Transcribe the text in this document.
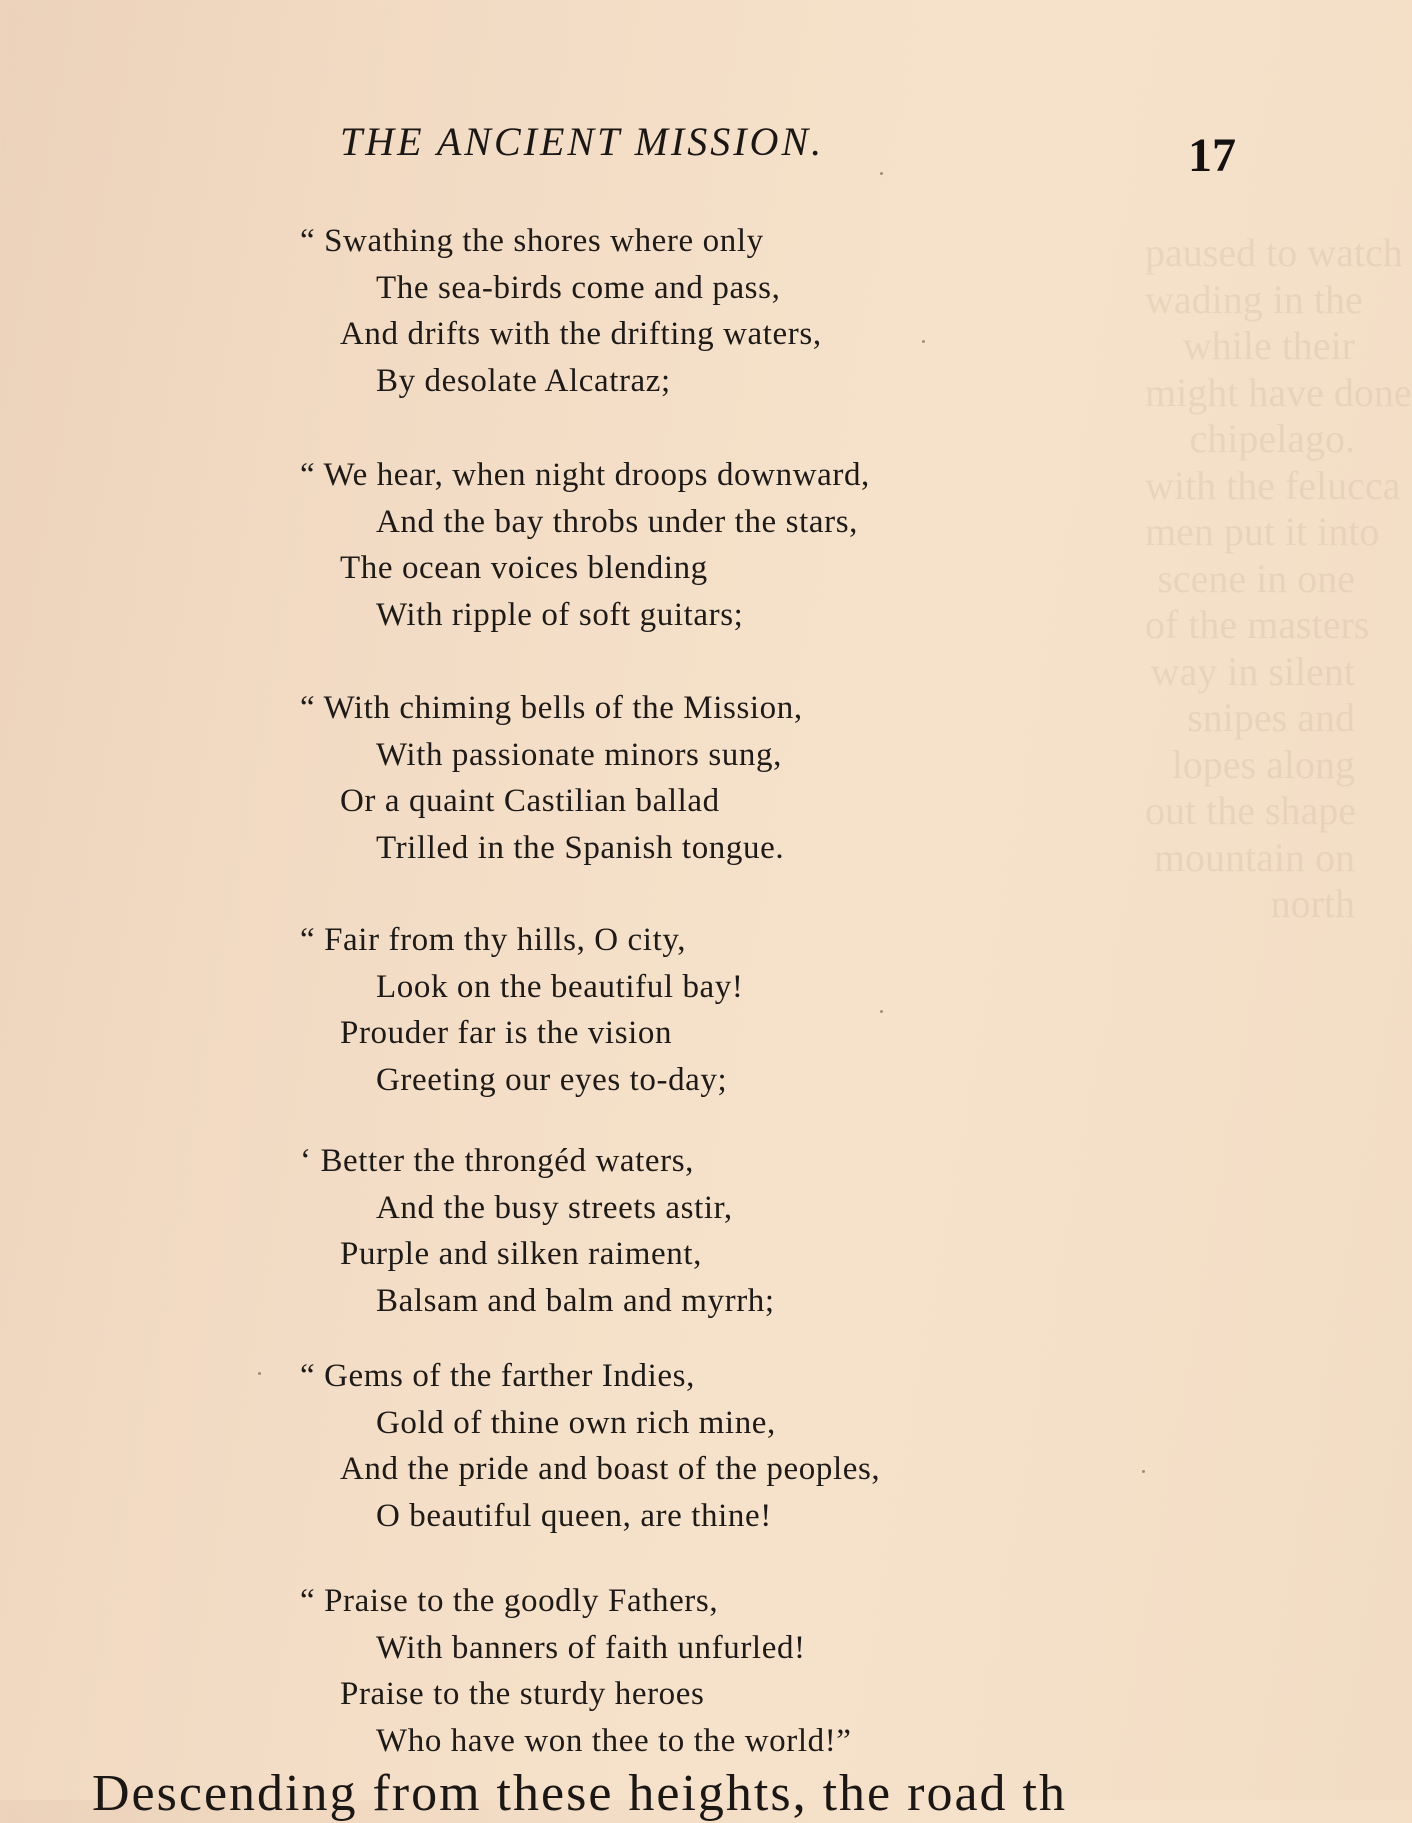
paused to watch
wading in the
while their
might have done
chipelago.
with the felucca
men put it into
scene in one
of the masters
way in silent
snipes and
lopes along
out the shape
mountain on
north
THE ANCIENT MISSION.	17
“ Swathing the shores where only
The sea-birds come and pass,
And drifts with the drifting waters,
By desolate Alcatraz;
“ We hear, when night droops downward,
And the bay throbs under the stars,
The ocean voices blending
With ripple of soft guitars;
“ With chiming bells of the Mission,
With passionate minors sung,
Or a quaint Castilian ballad
Trilled in the Spanish tongue.
“ Fair from thy hills, O city,
Look on the beautiful bay!
Prouder far is the vision
Greeting our eyes to-day;
‘ Better the throngéd waters,
And the busy streets astir,
Purple and silken raiment,
Balsam and balm and myrrh;
“ Gems of the farther Indies,
Gold of thine own rich mine,
And the pride and boast of the peoples,
O beautiful queen, are thine!
“ Praise to the goodly Fathers,
With banners of faith unfurled!
Praise to the sturdy heroes
Who have won thee to the world!”
Descending from these heights, the road th
